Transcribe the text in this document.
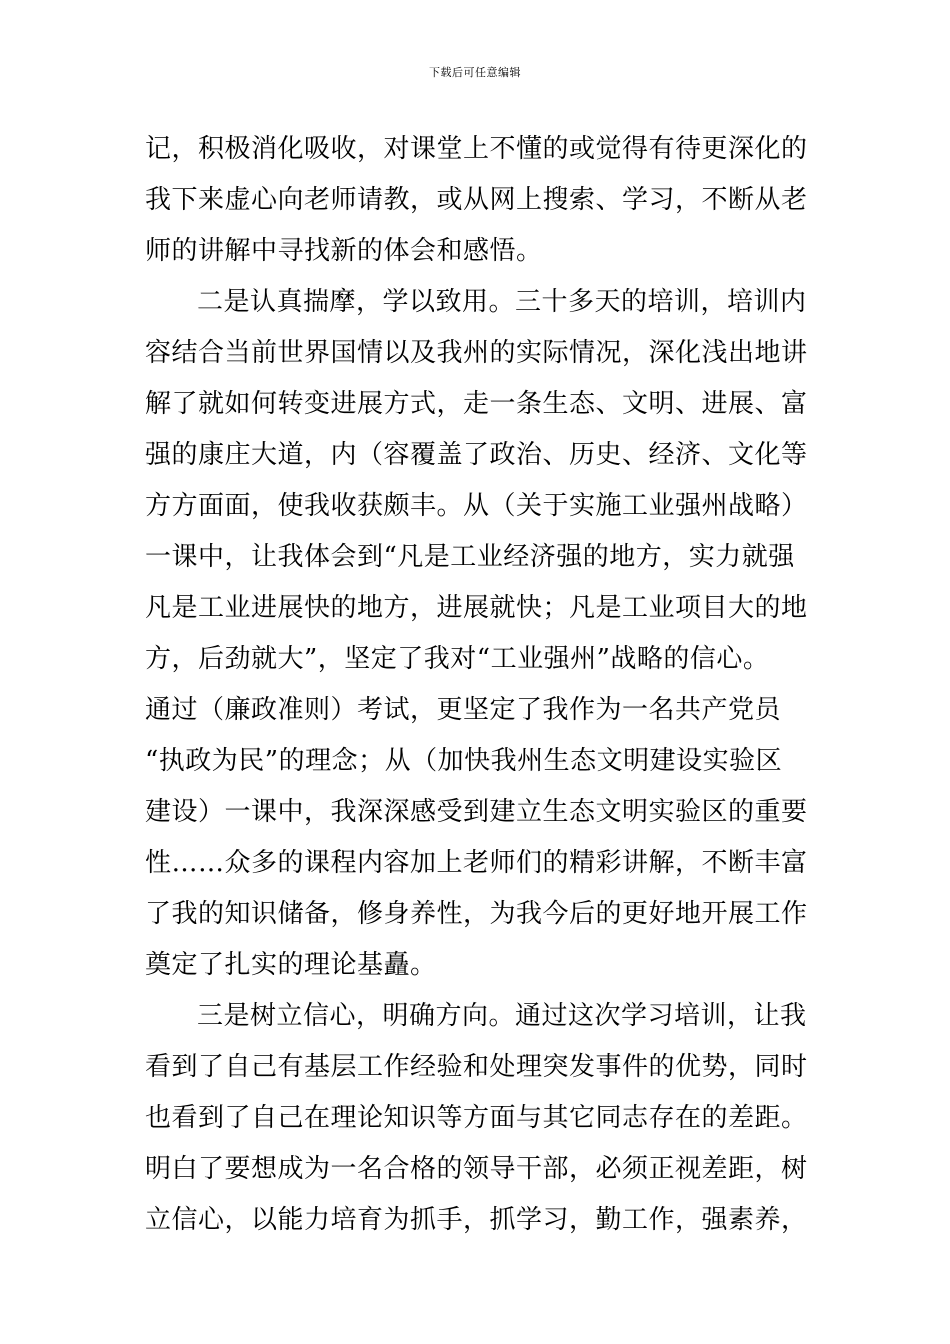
下载后可任意编辑
记，积极消化吸收，对课堂上不懂的或觉得有待更深化的
我下来虚心向老师请教，或从网上搜索、学习，不断从老
师的讲解中寻找新的体会和感悟。
二是认真揣摩，学以致用。三十多天的培训，培训内
容结合当前世界国情以及我州的实际情况，深化浅出地讲
解了就如何转变进展方式，走一条生态、文明、进展、富
强的康庄大道，内（容覆盖了政治、历史、经济、文化等
方方面面，使我收获颇丰。从（关于实施工业强州战略）
一课中，让我体会到“凡是工业经济强的地方，实力就强
凡是工业进展快的地方，进展就快；凡是工业项目大的地
方，后劲就大”，坚定了我对“工业强州”战略的信心。
通过（廉政准则）考试，更坚定了我作为一名共产党员
“执政为民”的理念；从（加快我州生态文明建设实验区
建设）一课中，我深深感受到建立生态文明实验区的重要
性……众多的课程内容加上老师们的精彩讲解，不断丰富
了我的知识储备，修身养性，为我今后的更好地开展工作
奠定了扎实的理论基矗。
三是树立信心，明确方向。通过这次学习培训，让我
看到了自己有基层工作经验和处理突发事件的优势，同时
也看到了自己在理论知识等方面与其它同志存在的差距。
明白了要想成为一名合格的领导干部，必须正视差距，树
立信心，以能力培育为抓手，抓学习，勤工作，强素养，
